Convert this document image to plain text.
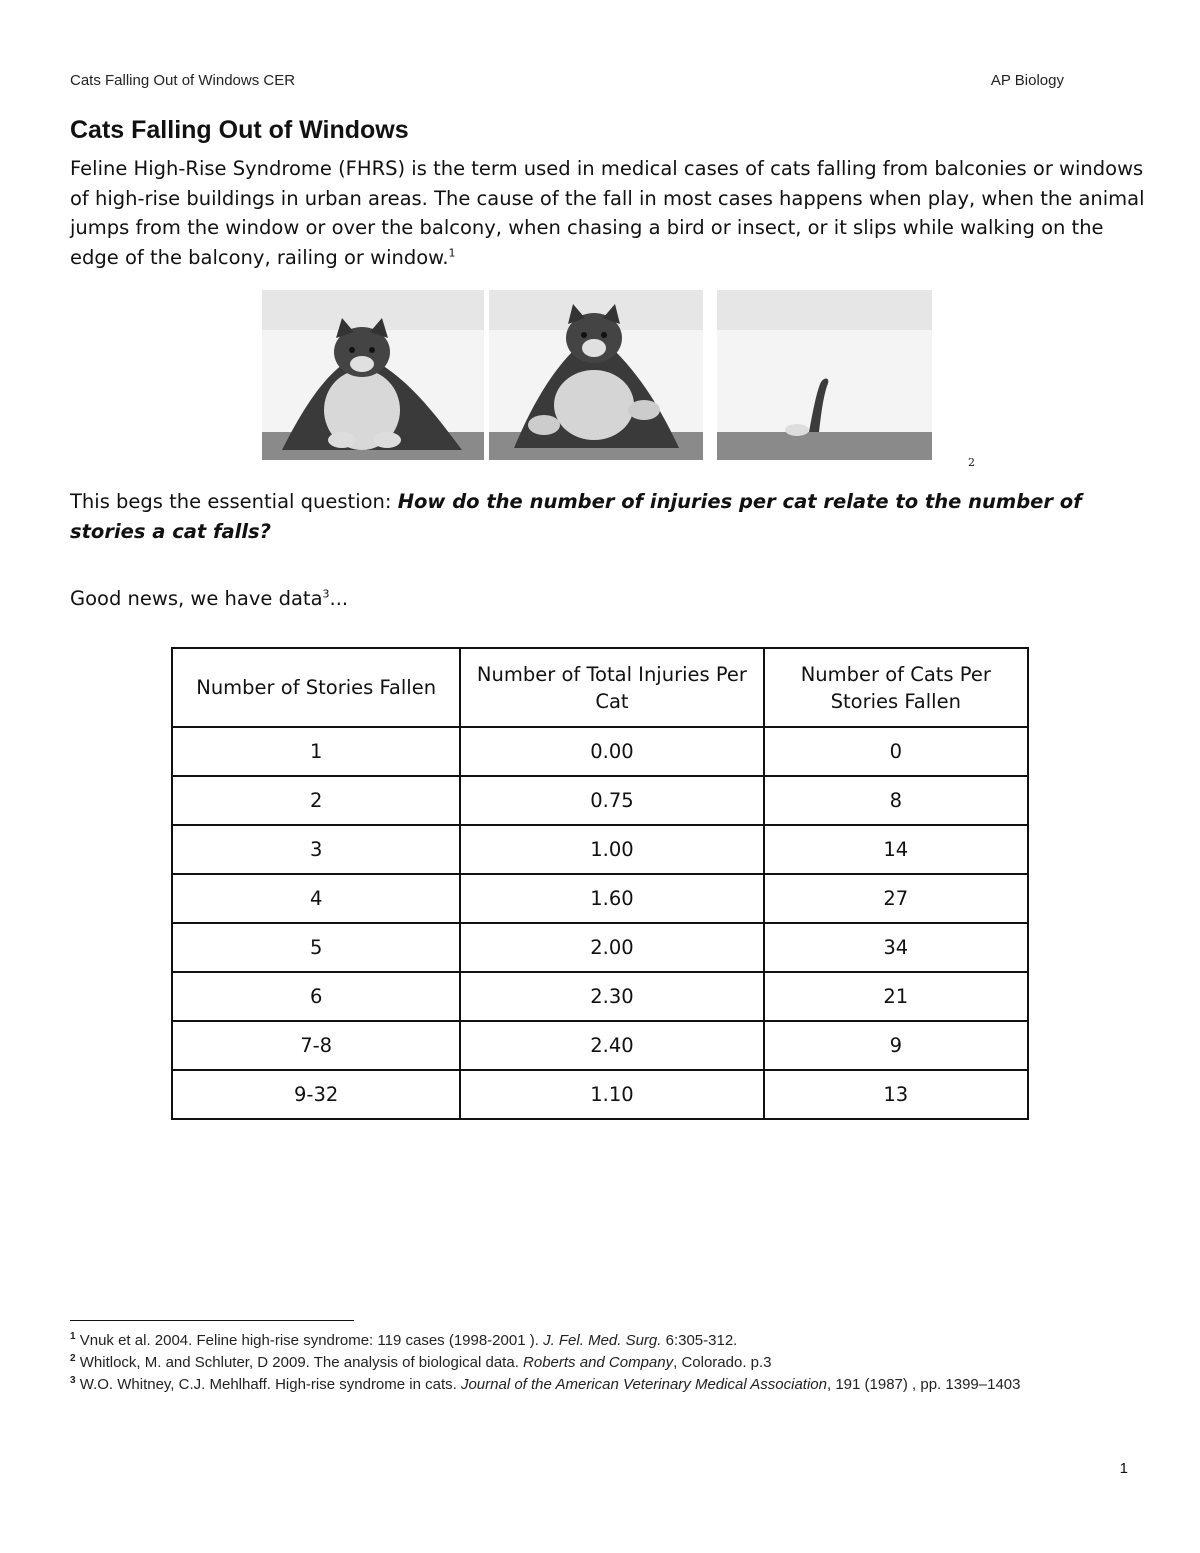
Cats Falling Out of Windows CER	AP Biology
Cats Falling Out of Windows

Feline High-Rise Syndrome (FHRS) is the term used in medical cases of cats falling from balconies or windows of high-rise buildings in urban areas. The cause of the fall in most cases happens when play, when the animal jumps from the window or over the balcony, when chasing a bird or insect, or it slips while walking on the edge of the balcony, railing or window.$^1$

2

This begs the essential question: How do the number of injuries per cat relate to the number of stories a cat falls?

Good news, we have data$^3$...
Number of Stories Fallen	Number of Total Injuries Per Cat	Number of Cats Per Stories Fallen
1	0.00	0
2	0.75	8
3	1.00	14
4	1.60	27
5	2.00	34
6	2.30	21
7-8	2.40	9
9-32	1.10	13
$^1$ Vnuk et al. 2004. Feline high-rise syndrome: 119 cases (1998-2001 ). J. Fel. Med. Surg. 6:305-312.
$^2$ Whitlock, M. and Schluter, D 2009. The analysis of biological data. Roberts and Company, Colorado. p.3
$^3$ W.O. Whitney, C.J. Mehlhaff. High-rise syndrome in cats. Journal of the American Veterinary Medical Association, 191 (1987) , pp. 1399–1403
1
